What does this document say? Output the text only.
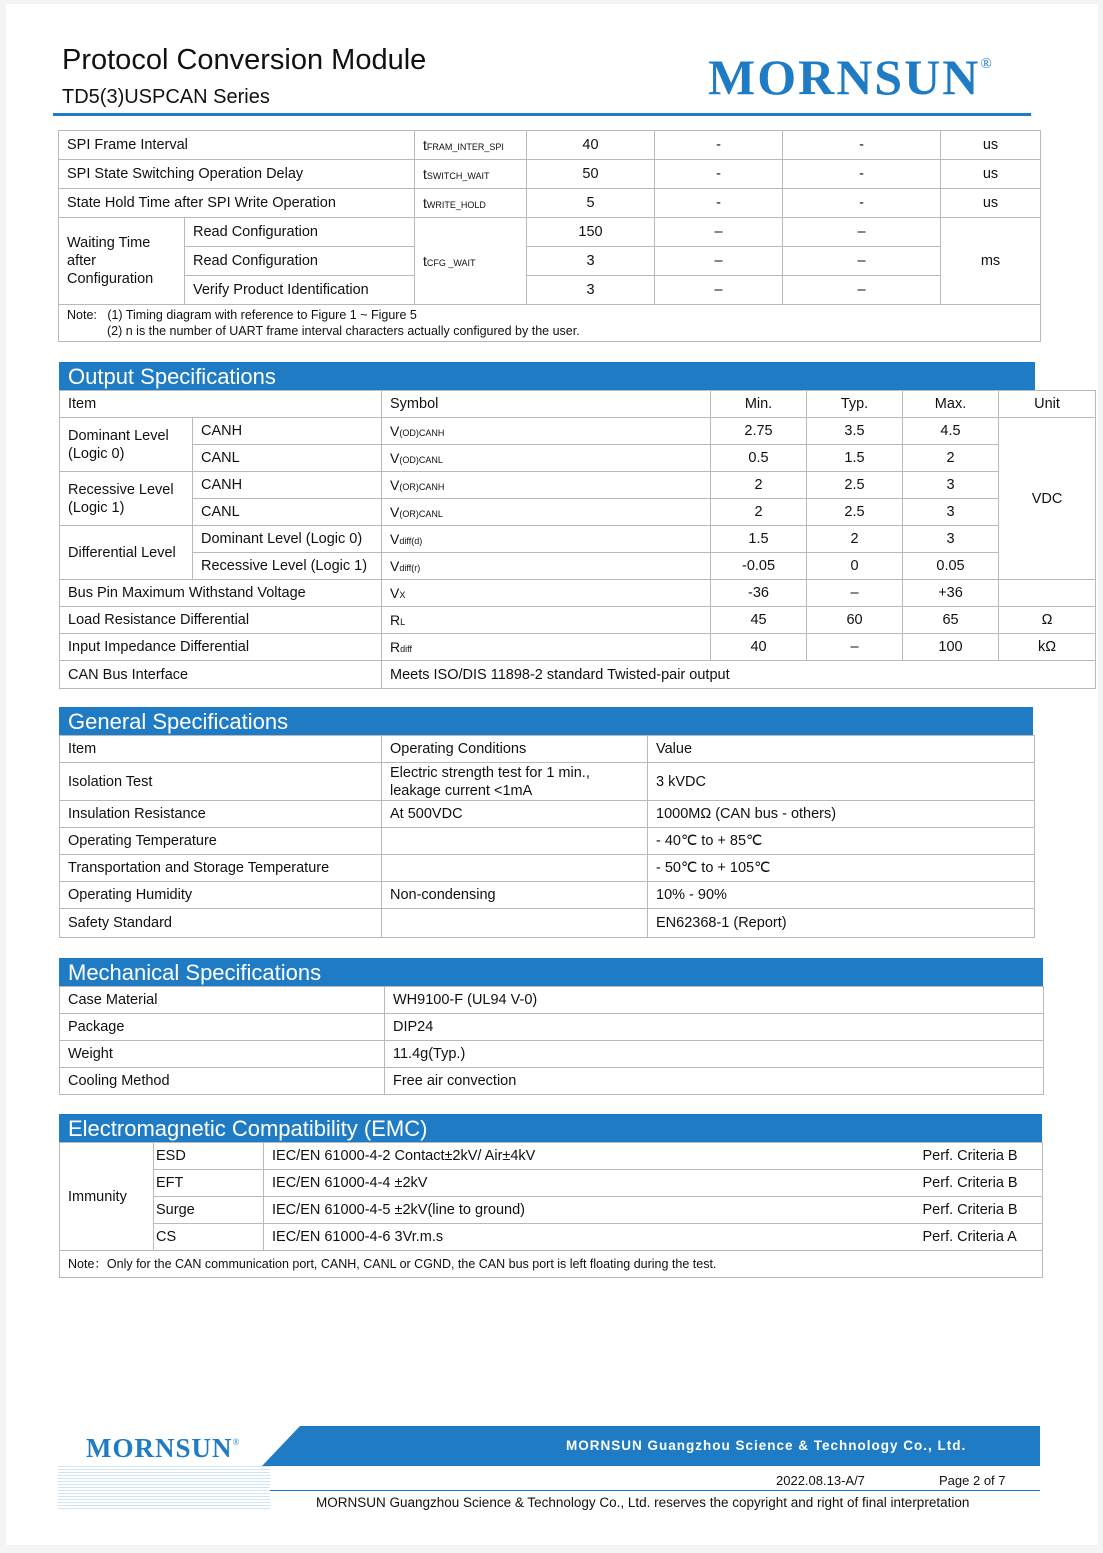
Protocol Conversion Module
TD5(3)USPCAN Series	MORNSUN®
SPI Frame Interval		tFRAM_INTER_SPI	40	-	-	us
SPI State Switching Operation Delay		tSWITCH_WAIT	50	-	-	us
State Hold Time after SPI Write Operation		tWRITE_HOLD	5	-	-	us
Waiting Time after Configuration	Read Configuration	tCFG _WAIT	150	–	–	ms
	Read Configuration		3	–	–	
	Verify Product Identification		3	–	–	

Note: (1) Timing diagram with reference to Figure 1 ~ Figure 5
(2) n is the number of UART frame interval characters actually configured by the user.						
Output Specifications
Item		Symbol	Min.	Typ.	Max.	Unit
Dominant Level (Logic 0)	CANH	V(OD)CANH	2.75	3.5	4.5	VDC
	CANL	V(OD)CANL	0.5	1.5	2	
Recessive Level (Logic 1)	CANH	V(OR)CANH	2	2.5	3	
	CANL	V(OR)CANL	2	2.5	3	
Differential Level	Dominant Level (Logic 0)	Vdiff(d)	1.5	2	3	
	Recessive Level (Logic 1)	Vdiff(r)	-0.05	0	0.05	
Bus Pin Maximum Withstand Voltage		VX	-36	–	+36	
Load Resistance Differential		RL	45	60	65	Ω
Input Impedance Differential		Rdiff	40	–	100	kΩ
CAN Bus Interface		Meets ISO/DIS 11898-2 standard Twisted-pair output				
General Specifications
Item	Operating Conditions	Value
Isolation Test	Electric strength test for 1 min.,
leakage current <1mA	3 kVDC
Insulation Resistance	At 500VDC	1000MΩ (CAN bus - others)
Operating Temperature		- 40℃ to + 85℃
Transportation and Storage Temperature		- 50℃ to + 105℃
Operating Humidity	Non-condensing	10% - 90%
Safety Standard		EN62368-1 (Report)
Mechanical Specifications
Case Material	WH9100-F (UL94 V-0)
Package	DIP24
Weight	11.4g(Typ.)
Cooling Method	Free air convection
Electromagnetic Compatibility (EMC)
Immunity	ESD	IEC/EN 61000-4-2 Contact±2kV/ Air±4kV	Perf. Criteria B
	EFT	IEC/EN 61000-4-4 ±2kV	Perf. Criteria B
	Surge	IEC/EN 61000-4-5 ±2kV(line to ground)	Perf. Criteria B
	CS	IEC/EN 61000-4-6 3Vr.m.s	Perf. Criteria A
Note：Only for the CAN communication port, CANH, CANL or CGND, the CAN bus port is left floating during the test.			
MORNSUN®	MORNSUN Guangzhou Science & Technology Co., Ltd.
2022.08.13-A/7	Page 2 of 7
MORNSUN Guangzhou Science & Technology Co., Ltd. reserves the copyright and right of final interpretation
